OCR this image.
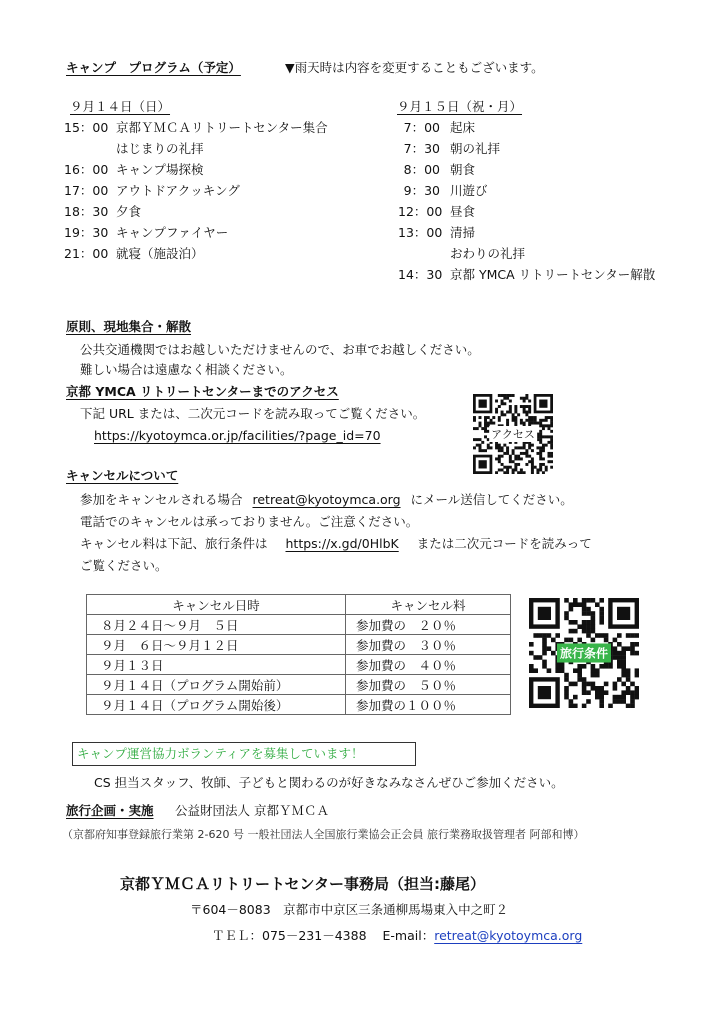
キャンプ　プログラム（予定）	▼雨天時は内容を変更することもございます。
９月１４日（日）
15：00 京都ＹＭＣＡリトリートセンター集合
はじまりの礼拝
16：00 キャンプ場探検
17：00 アウトドアクッキング
18：30 夕食
19：30 キャンプファイヤー
21：00 就寝（施設泊）
９月１５日（祝・月）
7：00 起床
7：30 朝の礼拝
8：00 朝食
9：30 川遊び
12：00 昼食
13：00 清掃
おわりの礼拝
14：30 京都 YMCA リトリートセンター解散
原則、現地集合・解散
公共交通機関ではお越しいただけませんので、お車でお越しください。
難しい場合は遠慮なく相談ください。
京都 YMCA リトリートセンターまでのアクセス
下記 URL または、二次元コードを読み取ってご覧ください。
https://kyotoymca.or.jp/facilities/?page_id=70	アクセス
キャンセルについて
参加をキャンセルされる場合 retreat@kyotoymca.org にメール送信してください。
電話でのキャンセルは承っておりません。ご注意ください。
キャンセル料は下記、旅行条件は https://x.gd/0HlbK または二次元コードを読みって
ご覧ください。
キャンセル日時	キャンセル料
８月２４日～９月　５日	参加費の　２０％
９月　６日～９月１２日	参加費の　３０％
９月１３日	参加費の　４０％
９月１４日（プログラム開始前）	参加費の　５０％
９月１４日（プログラム開始後）	参加費の１００％
旅行条件
キャンプ運営協力ボランティアを募集しています！
CS 担当スタッフ、牧師、子どもと関わるのが好きなみなさんぜひご参加ください。
旅行企画・実施 公益財団法人 京都ＹＭＣＡ
（京都府知事登録旅行業第 2-620 号 一般社団法人全国旅行業協会正会員 旅行業務取扱管理者 阿部和博）
京都ＹＭＣＡリトリートセンター事務局（担当:藤尾）
〒604－8083　京都市中京区三条通柳馬場東入中之町２
ＴＥＬ：075－231－4388 E-mail：retreat@kyotoymca.org
